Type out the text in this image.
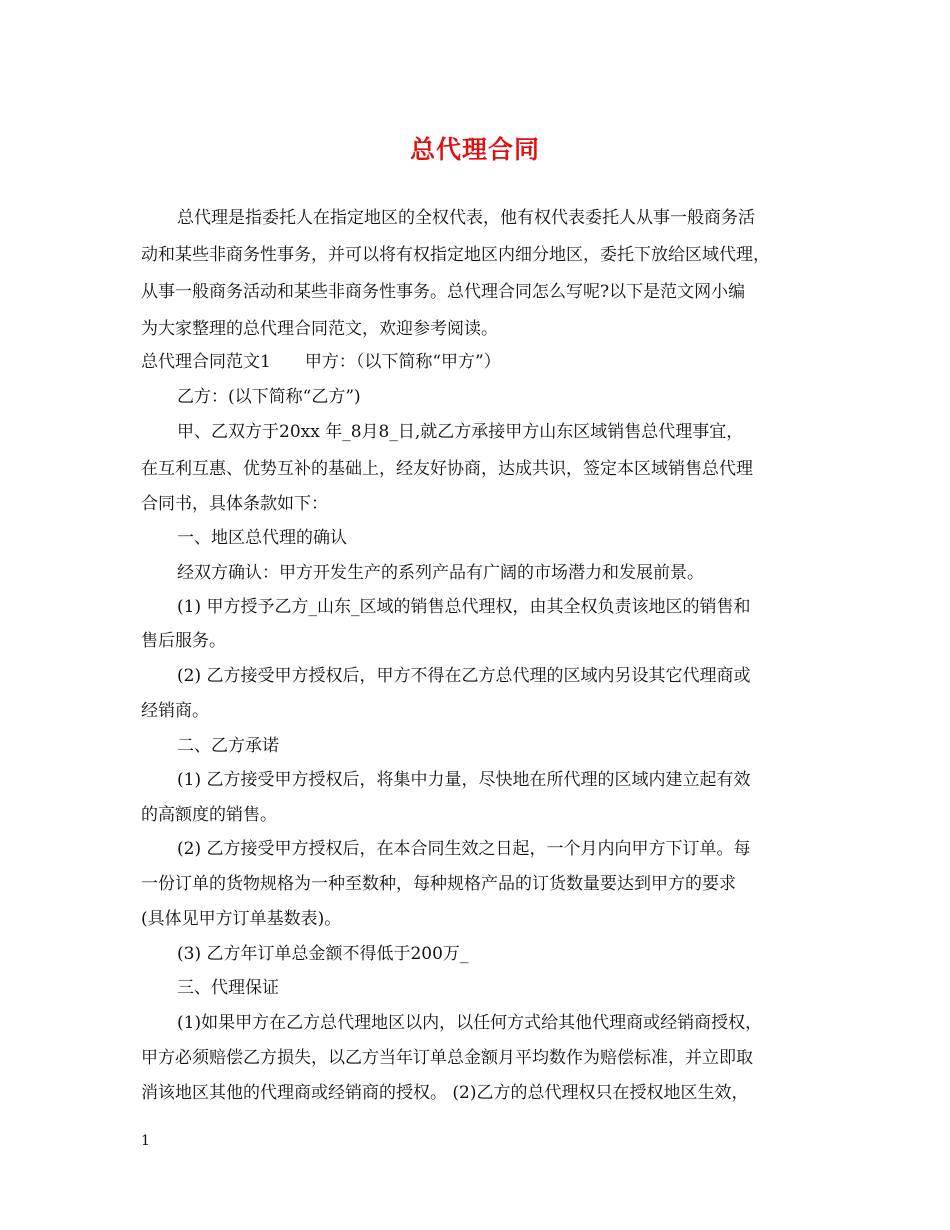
总代理合同
总代理是指委托人在指定地区的全权代表，他有权代表委托人从事一般商务活
动和某些非商务性事务，并可以将有权指定地区内细分地区，委托下放给区域代理，
从事一般商务活动和某些非商务性事务。总代理合同怎么写呢?以下是范文网小编
为大家整理的总代理合同范文，欢迎参考阅读。
总代理合同范文1　　甲方：（以下简称“甲方”）
乙方：(以下简称“乙方”)
甲、乙双方于20xx 年_8月8_日,就乙方承接甲方山东区域销售总代理事宜，
在互利互惠、优势互补的基础上，经友好协商，达成共识，签定本区域销售总代理
合同书，具体条款如下：
一、地区总代理的确认
经双方确认：甲方开发生产的系列产品有广阔的市场潜力和发展前景。
(1) 甲方授予乙方_山东_区域的销售总代理权，由其全权负责该地区的销售和
售后服务。
(2) 乙方接受甲方授权后，甲方不得在乙方总代理的区域内另设其它代理商或
经销商。
二、乙方承诺
(1) 乙方接受甲方授权后，将集中力量，尽快地在所代理的区域内建立起有效
的高额度的销售。
(2) 乙方接受甲方授权后，在本合同生效之日起，一个月内向甲方下订单。每
一份订单的货物规格为一种至数种，每种规格产品的订货数量要达到甲方的要求
(具体见甲方订单基数表)。
(3) 乙方年订单总金额不得低于200万_
三、代理保证
(1)如果甲方在乙方总代理地区以内，以任何方式给其他代理商或经销商授权，
甲方必须赔偿乙方损失，以乙方当年订单总金额月平均数作为赔偿标准，并立即取
消该地区其他的代理商或经销商的授权。 (2)乙方的总代理权只在授权地区生效，
1
